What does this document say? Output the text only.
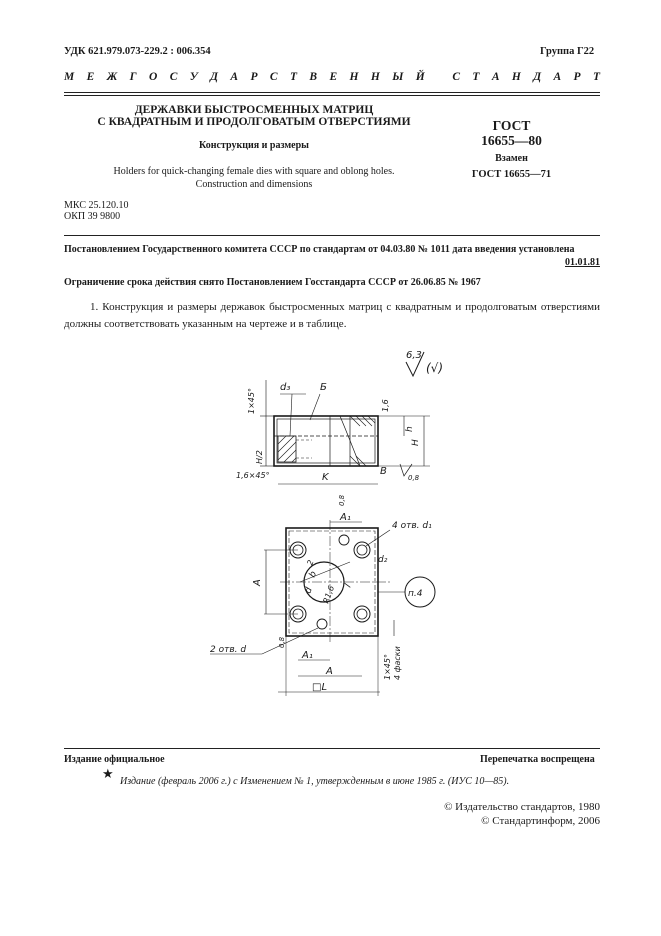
УДК 621.979.073-229.2 : 006.354	Группа Г22
М Е Ж Г О С У Д А Р С Т В Е Н Н Ы Й
С Т А Н Д А Р Т
ДЕРЖАВКИ БЫСТРОСМЕННЫХ МАТРИЦ
С КВАДРАТНЫМ И ПРОДОЛГОВАТЫМ ОТВЕРСТИЯМИ
Конструкция и размеры
Holders for quick-changing female dies with square and oblong holes.
Construction and dimensions
ГОСТ
16655—80
Взамен
ГОСТ 16655—71
МКС 25.120.10
ОКП 39 9800
Постановлением Государственного комитета СССР по стандартам от 04.03.80 № 1011 дата введения установлена

01.01.81
Ограничение срока действия снято Постановлением Госстандарта СССР от 26.06.85 № 1967
1. Конструкция и размеры державок быстросменных матриц с квадратным и продолговатым отверстиями должны соответствовать указанным на чертеже и в таблице.
6,3
(√)
1×45°
H/2
d₃	Б
1,6
h
H
1,6×45°	В
0,8
K
0,8
A₁
4 отв. d₁
d₂
A
b
l
d
2
R1,6	п.4
2 отв. d
0,8
A₁
A	1×45° 4 фаски
□L
Издание официальное	Перепечатка воспрещена
★
Издание (февраль 2006 г.) с Изменением № 1, утвержденным в июне 1985 г. (ИУС 10—85).
© Издательство стандартов, 1980
© Стандартинформ, 2006
